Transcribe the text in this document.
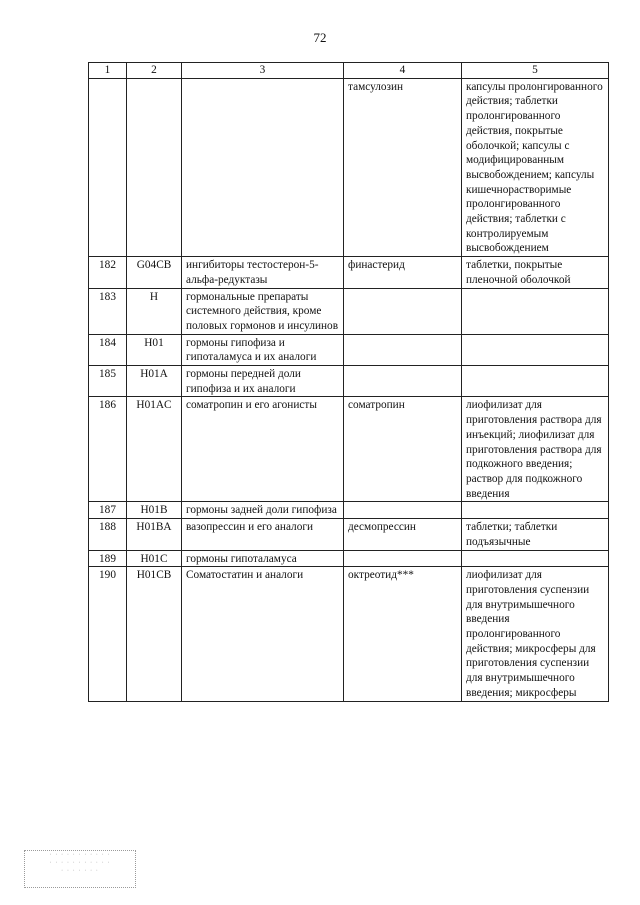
72
1	2	3	4	5
			тамсулозин	капсулы пролонгированного действия; таблетки пролонгированного действия, покрытые оболочкой; капсулы с модифицированным высвобождением; капсулы кишечнорастворимые пролонгированного действия; таблетки с контролируемым высвобождением
182	G04CB	ингибиторы тестостерон-5-альфа-редуктазы	финастерид	таблетки, покрытые пленочной оболочкой
183	H	гормональные препараты системного действия, кроме половых гормонов и инсулинов		
184	H01	гормоны гипофиза и гипоталамуса и их аналоги		
185	H01A	гормоны передней доли гипофиза и их аналоги		
186	H01AC	соматропин и его агонисты	соматропин	лиофилизат для приготовления раствора для инъекций; лиофилизат для приготовления раствора для подкожного введения; раствор для подкожного введения
187	H01B	гормоны задней доли гипофиза		
188	H01BA	вазопрессин и его аналоги	десмопрессин	таблетки; таблетки подъязычные
189	H01C	гормоны гипоталамуса		
190	H01CB	Соматостатин и аналоги	октреотид***	лиофилизат для приготовления суспензии для внутримышечного введения пролонгированного действия; микросферы для приготовления суспензии для внутримышечного введения; микросферы
· · · · · · · · · · ·
· · · · · · · · · · ·
· · · · · · ·
